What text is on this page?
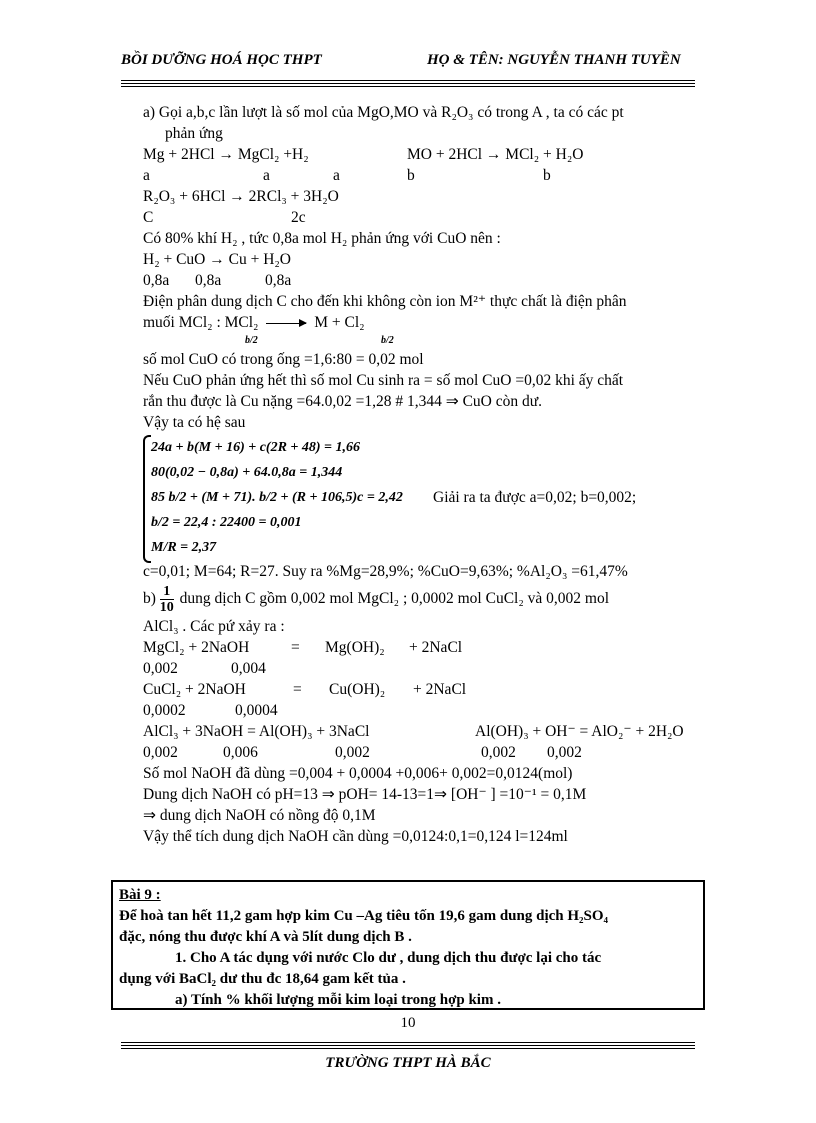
BỒI DƯỠNG HOÁ HỌC THPT	HỌ & TÊN: NGUYỄN THANH TUYỀN
a) Gọi a,b,c lần lượt là số mol của MgO,MO và R₂O₃ có trong A , ta có các pt
phản ứng
Mg + 2HCl → MgCl₂ +H₂	MO + 2HCl → MCl₂ + H₂O
a	a	a	b	b
R₂O₃ + 6HCl → 2RCl₃ + 3H₂O
C	2c
Có 80% khí H₂ , tức 0,8a mol H₂ phản ứng với CuO nên :
H₂ + CuO → Cu + H₂O
0,8a 0,8a	0,8a
Điện phân dung dịch C cho đến khi không còn ion M²⁺ thực chất là điện phân
muối MCl₂ : MCl₂	M + Cl₂
b/2	b/2
số mol CuO có trong ống =1,6:80 = 0,02 mol
Nếu CuO phản ứng hết thì số mol Cu sinh ra = số mol CuO =0,02 khi ấy chất
rắn thu được là Cu nặng =64.0,02 =1,28 # 1,344 ⇒ CuO còn dư.
Vậy ta có hệ sau
24a + b(M + 16) + c(2R + 48) = 1,66
80(0,02 − 0,8a) + 64.0,8a = 1,344
85 b/2 + (M + 71). b/2 + (R + 106,5)c = 2,42 Giải ra ta được a=0,02; b=0,002;
b/2 = 22,4 : 22400 = 0,001
M/R = 2,37
c=0,01; M=64; R=27. Suy ra %Mg=28,9%; %CuO=9,63%; %Al₂O₃ =61,47%
$b) \frac{1}{10}$ dung dịch C gồm 0,002 mol MgCl₂ ; 0,0002 mol CuCl₂ và 0,002 mol
AlCl₃ . Các pứ xảy ra :
MgCl₂ + 2NaOH	= Mg(OH)₂ + 2NaCl
0,002	0,004
CuCl₂ + 2NaOH	= Cu(OH)₂ + 2NaCl
0,0002	0,0004
AlCl₃ + 3NaOH = Al(OH)₃ + 3NaCl	Al(OH)₃ + OH⁻ = AlO₂⁻ + 2H₂O
0,002	0,006	0,002	0,002 0,002
Số mol NaOH đã dùng =0,004 + 0,0004 +0,006+ 0,002=0,0124(mol)
Dung dịch NaOH có pH=13 ⇒ pOH= 14-13=1⇒ [OH⁻ ] =10⁻¹ = 0,1M
⇒ dung dịch NaOH có nồng độ 0,1M
Vậy thể tích dung dịch NaOH cần dùng =0,0124:0,1=0,124 l=124ml
Bài 9 :
Để hoà tan hết 11,2 gam hợp kim Cu –Ag tiêu tốn 19,6 gam dung dịch H₂SO₄
đặc, nóng thu được khí A và 5lít dung dịch B .
1. Cho A tác dụng với nước Clo dư , dung dịch thu được lại cho tác
dụng với BaCl₂ dư thu đc 18,64 gam kết tủa .
a) Tính % khối lượng mỗi kim loại trong hợp kim .
10
TRƯỜNG THPT HÀ BẮC
